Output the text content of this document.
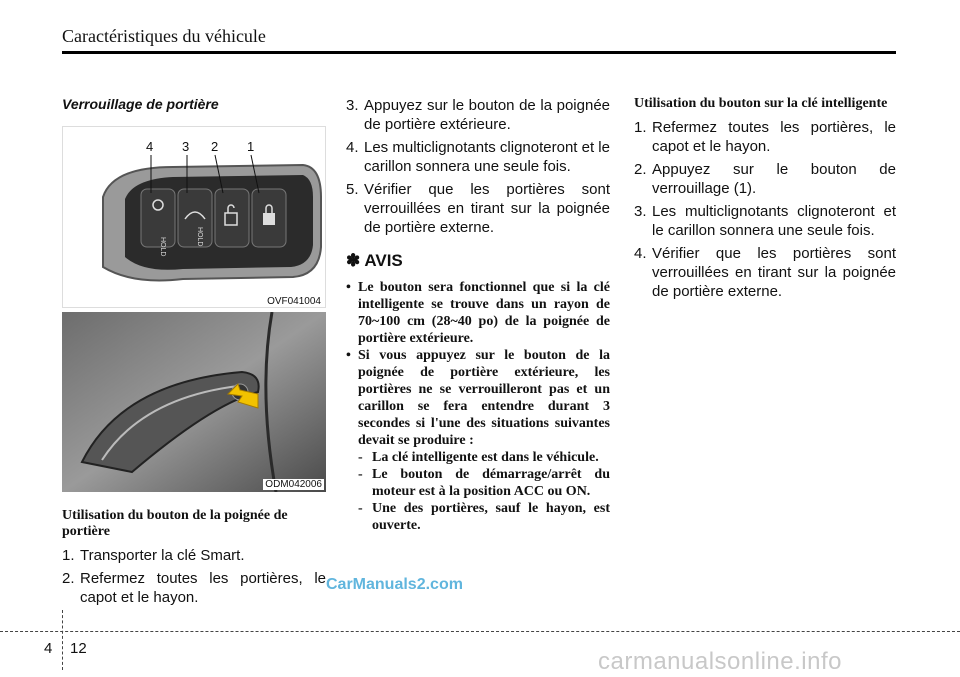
Caractéristiques du véhicule
Verrouillage de portière
HOLD
HOLD
4 3 2 1
OVF041004
ODM042006
Utilisation du bouton de la poignée de portière
1. Transporter la clé Smart.
2. Refermez toutes les portières, le capot et le hayon.
3. Appuyez sur le bouton de la poignée de portière extérieure.
4. Les multiclignotants clignoteront et le carillon sonnera une seule fois.
5. Vérifier que les portières sont verrouillées en tirant sur la poignée de portière externe.
✽ AVIS
• Le bouton sera fonctionnel que si la clé intelligente se trouve dans un rayon de 70~100 cm (28~40 po) de la poignée de portière extérieure.
• Si vous appuyez sur le bouton de la poignée de portière extérieure, les portières ne se verrouilleront pas et un carillon se fera entendre durant 3 secondes si l'une des situations suivantes devait se produire :
- La clé intelligente est dans le véhicule.
- Le bouton de démarrage/arrêt du moteur est à la position ACC ou ON.
- Une des portières, sauf le hayon, est ouverte.
Utilisation du bouton sur la clé intelligente
1. Refermez toutes les portières, le capot et le hayon.
2. Appuyez sur le bouton de verrouillage (1).
3. Les multiclignotants clignoteront et le carillon sonnera une seule fois.
4. Vérifier que les portières sont verrouillées en tirant sur la poignée de portière externe.
CarManuals2.com
4 12	carmanualsonline.info
